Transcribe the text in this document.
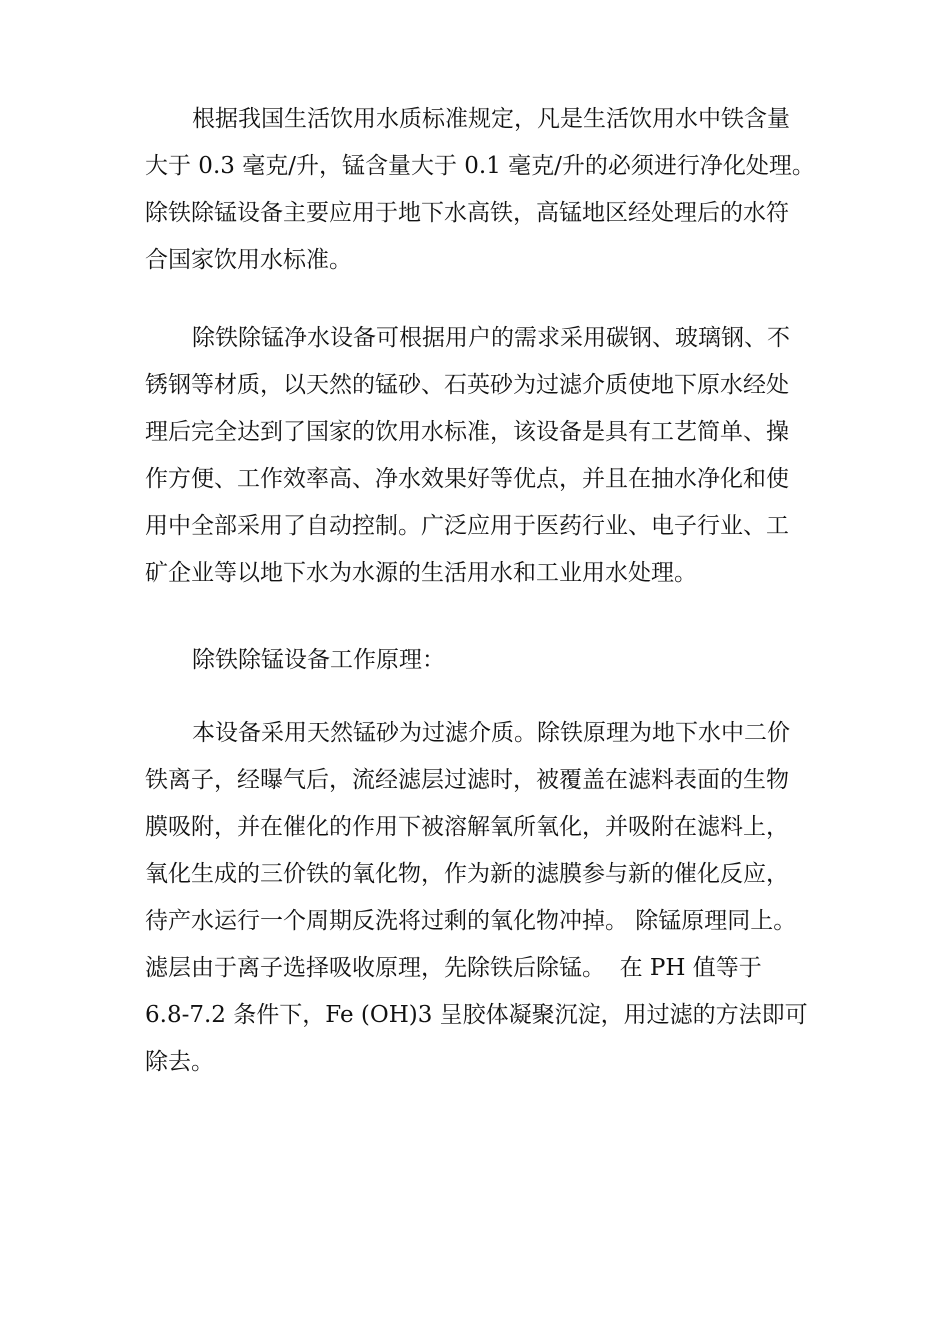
根据我国生活饮用水质标准规定，凡是生活饮用水中铁含量
大于 0.3 毫克/升，锰含量大于 0.1 毫克/升的必须进行净化处理。
除铁除锰设备主要应用于地下水高铁，高锰地区经处理后的水符
合国家饮用水标准。
除铁除锰净水设备可根据用户的需求采用碳钢、玻璃钢、不
锈钢等材质，以天然的锰砂、石英砂为过滤介质使地下原水经处
理后完全达到了国家的饮用水标准，该设备是具有工艺简单、操
作方便、工作效率高、净水效果好等优点，并且在抽水净化和使
用中全部采用了自动控制。广泛应用于医药行业、电子行业、工
矿企业等以地下水为水源的生活用水和工业用水处理。
除铁除锰设备工作原理：
本设备采用天然锰砂为过滤介质。除铁原理为地下水中二价
铁离子，经曝气后，流经滤层过滤时，被覆盖在滤料表面的生物
膜吸附，并在催化的作用下被溶解氧所氧化，并吸附在滤料上，
氧化生成的三价铁的氧化物，作为新的滤膜参与新的催化反应，
待产水运行一个周期反洗将过剩的氧化物冲掉。 除锰原理同上。
滤层由于离子选择吸收原理，先除铁后除锰。  在 PH 值等于
6.8-7.2 条件下，Fe (OH)3 呈胶体凝聚沉淀，用过滤的方法即可
除去。
